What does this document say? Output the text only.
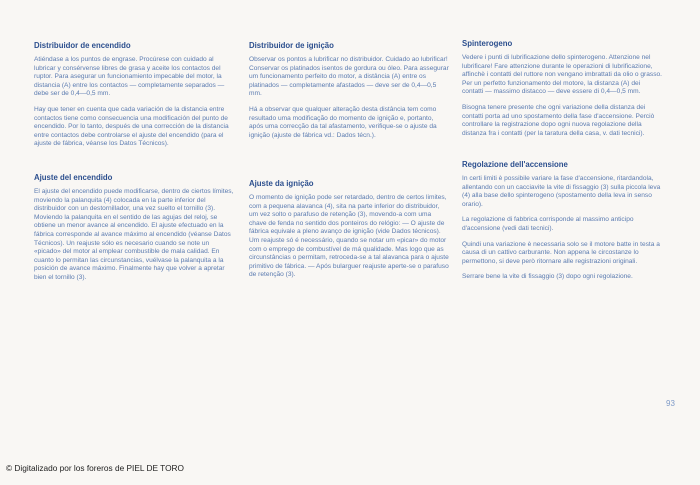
Distribuidor de encendido

Atiéndase a los puntos de engrase. Procúrese con cuidado al lubricar y consérvense libres de grasa y aceite los contactos del ruptor. Para asegurar un funcionamiento impecable del motor, la distancia (A) entre los contactos — completamente separados — debe ser de 0,4—0,5 mm.

Hay que tener en cuenta que cada variación de la distancia entre contactos tiene como consecuencia una modificación del punto de encendido. Por lo tanto, después de una corrección de la distancia entre contactos debe controlarse el ajuste del encendido (para el ajuste de fábrica, véanse los Datos Técnicos).

Ajuste del encendido

El ajuste del encendido puede modificarse, dentro de ciertos límites, moviendo la palanquita (4) colocada en la parte inferior del distribuidor con un destornillador, una vez suelto el tornillo (3). Moviendo la palanquita en el sentido de las agujas del reloj, se obtiene un menor avance al encendido. El ajuste efectuado en la fábrica corresponde al avance máximo al encendido (véanse Datos Técnicos). Un reajuste sólo es necesario cuando se note un «picado» del motor al emplear combustible de mala calidad. En cuanto lo permitan las circunstancias, vuélvase la palanquita a la posición de avance máximo. Finalmente hay que volver a apretar bien el tornillo (3).

Distribuidor de ignição

Observar os pontos a lubrificar no distribuidor. Cuidado ao lubrificar! Conservar os platinados isentos de gordura ou óleo. Para assegurar um funcionamento perfeito do motor, a distância (A) entre os platinados — completamente afastados — deve ser de 0,4—0,5 mm.

Há a observar que qualquer alteração desta distância tem como resultado uma modificação do momento de ignição e, portanto, após uma correcção da tal afastamento, verifique-se o ajuste da ignição (ajuste de fábrica vd.: Dados técn.).

Ajuste da ignição

O momento de ignição pode ser retardado, dentro de certos limites, com a pequena alavanca (4), sita na parte inferior do distribuidor, um vez solto o parafuso de retenção (3), movendo-a com uma chave de fenda no sentido dos ponteiros do relógio: — O ajuste de fábrica equivale a pleno avanço de ignição (vide Dados técnicos). Um reajuste só é necessário, quando se notar um «picar» do motor com o emprego de combustível de má qualidade. Mas logo que as circunstâncias o permitam, retroceda-se a tal alavanca para o ajuste primitivo de fábrica. — Após bularguer reajuste aperte-se o parafuso de retenção (3).

Spinterogeno

Vedere i punti di lubrificazione dello spinterogeno. Attenzione nel lubrificare! Fare attenzione durante le operazioni di lubrificazione, affinchè i contatti del ruttore non vengano imbrattati da olio o grasso. Per un perfetto funzionamento del motore, la distanza (A) dei contatti — massimo distacco — deve essere di 0,4—0,5 mm.

Bisogna tenere presente che ogni variazione della distanza dei contatti porta ad uno spostamento della fase d'accensione. Perciò controllare la registrazione dopo ogni nuova regolazione della distanza fra i contatti (per la taratura della casa, v. dati tecnici).

Regolazione dell'accensione

In certi limiti è possibile variare la fase d'accensione, ritardandola, allentando con un cacciavite la vite di fissaggio (3) sulla piccola leva (4) alla base dello spinterogeno (spostamento della leva in senso orario).

La regolazione di fabbrica corrisponde al massimo anticipo d'accensione (vedi dati tecnici).

Quindi una variazione è necessaria solo se il motore batte in testa a causa di un cattivo carburante. Non appena le circostanze lo permettono, si deve però ritornare alle registrazioni originali.

Serrare bene la vite di fissaggio (3) dopo ogni regolazione.

93
© Digitalizado por los foreros de PIEL DE TORO
